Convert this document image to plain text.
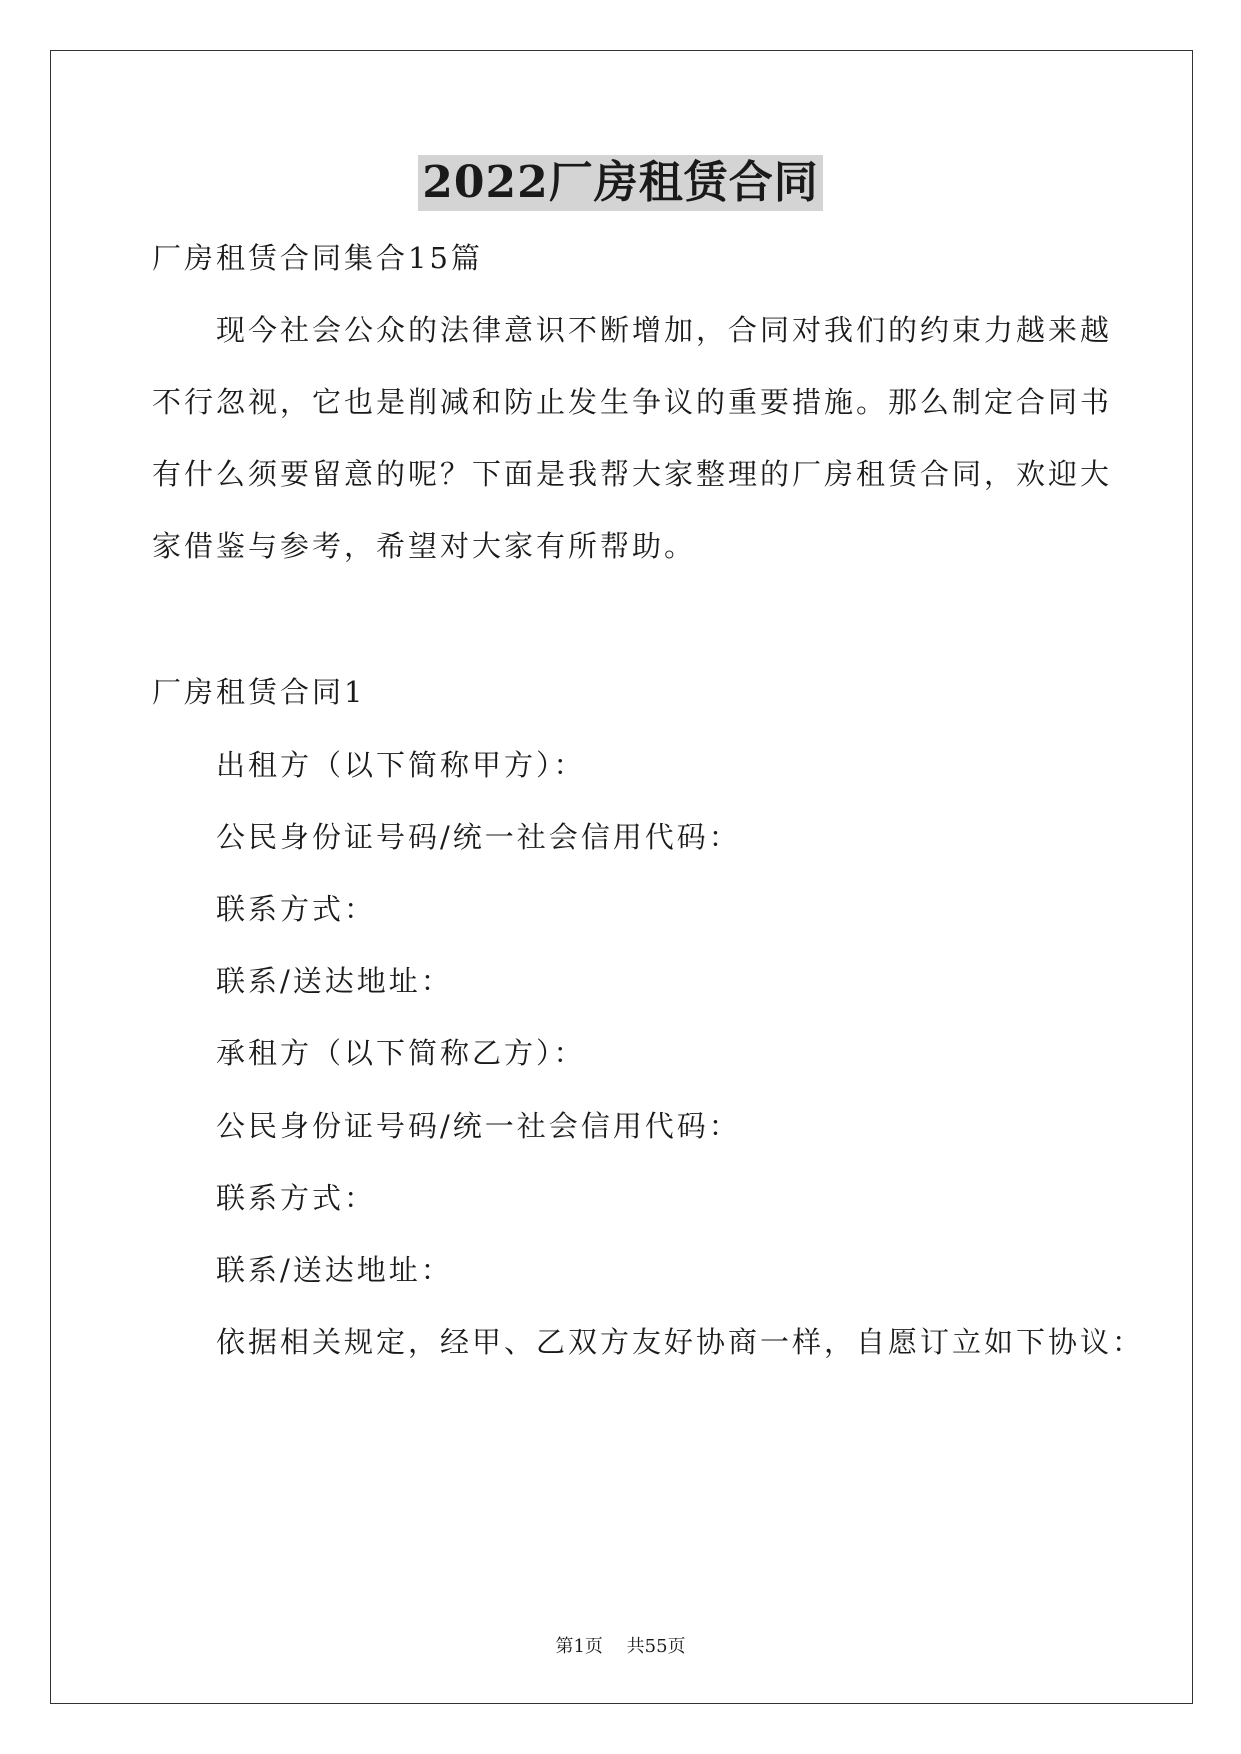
2022厂房租赁合同
厂房租赁合同集合15篇
现今社会公众的法律意识不断增加，合同对我们的约束力越来越
不行忽视，它也是削减和防止发生争议的重要措施。那么制定合同书
有什么须要留意的呢？下面是我帮大家整理的厂房租赁合同，欢迎大
家借鉴与参考，希望对大家有所帮助。
厂房租赁合同1
出租方（以下简称甲方）：
公民身份证号码/统一社会信用代码：
联系方式：
联系/送达地址：
承租方（以下简称乙方）：
公民身份证号码/统一社会信用代码：
联系方式：
联系/送达地址：
依据相关规定，经甲、乙双方友好协商一样，自愿订立如下协议：
第1页 共55页
